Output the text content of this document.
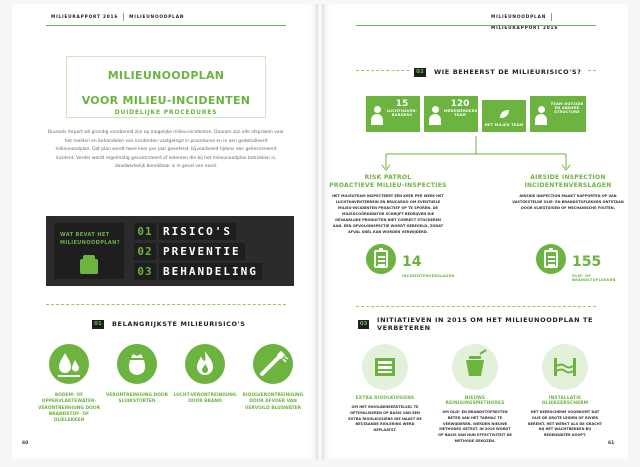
MILIEURAPPORT 2016	MILIEUNOODPLAN
MILIEUNOODPLAN
VOOR MILIEU-INCIDENTEN
DUIDELIJKE PROCEDURES
Brussels Airport wil grondig voorbereid zijn op mogelijke milieu-incidenten. Daarom zijn alle afspraken voor het melden en behandelen van incidenten vastgelegd in procedures en in een gedetailleerd milieunoodplan. Dat plan wordt twee keer per jaar geoefend, bijvoorbeeld tijdens een geënsceneerd incident. Verder wordt regelmatig gecontroleerd of iedereen die bij het milieunoodplan betrokken is, daadwerkelijk bereikbaar is in geval van nood.
WAT BEVAT HET MILIEUNOODPLAN?
01 RISICO'S
02 PREVENTIE
03 BEHANDELING
01	BELANGRIJKSTE MILIEURISICO'S
BODEM- OF OPPERVLAKTEWATER-VERONTREINIGING DOOR BRANDSTOF- OF OLIELEKKEN
VERONTREINIGING DOOR SLUIKSTORTEN
LUCHT-VERONTREINIGING DOOR BRAND
RIOOLVERONTREINIGING DOOR AFVOER VAN VERVUILD BLUSWATER
60
MILIEUNOODPLANMILIEURAPPORT 2016
02	WIE BEHEERST DE MILIEURISICO'S?
15
LUCHTHAVEN-BURGERS
120
MEDEWERKERS TEAM
HET MILIEU TEAM
TEAM OUTSIDE EN ANDERE STRUCTURE
RISK PATROL
PROACTIEVE MILIEU-INSPECTIES
HET MILIEUTEAM INSPECTEERT ÉÉN KEER PER WEEK HET LUCHTHAVENTERREIN EN BRUCARGO OM EVENTUELE MILIEU-INCIDENTEN PROACTIEF OP TE SPOREN. DE MILIEUCOÖRDINATOR SCHRIJFT BEDRIJVEN DIE GEVAARLIJKE PRODUCTEN NIET CORRECT STOCKEREN AAN. EEN OPVOLGINSPECTIE WORDT GEREGELD, ZODAT AFVAL SNEL KAN WORDEN VERWIJDERD.
14
INCIDENTENVERSLAGEN
AIRSIDE INSPECTION
INCIDENTENVERSLAGEN
AIRSIDE INSPECTION MAAKT RAPPORTEN OP VAN VASTGESTELDE OLIE- EN BRANDSTOFLEKKEN ONTSTAAN DOOR VLIEGTUIGEN OF MECHANISCHE FOUTEN.
155
OLIE- OF BRANDSTOFLEKKEN
03 INITIATIEVEN IN 2015 OM HET MILIEUNOODPLAN TE VERBETEREN
EXTRA RIOOLKIVSIENS
OM HET RIOOLBEHEERSTELSEL TE OPTIMALISEREN OP BASIS VAN EEN EXTRA RIOOLKIVSIENS DIE NAAST DE BESTAANDE RIOLERING WERD GEPLAATST.
NIEUWE REINIGINGSMETHODES
OM OLIE- EN BRANDSTOFRESTEN BETER VAN HET TARMAC TE VERWIJDEREN, WERDEN NIEUWE METHODES GETEST. IN 2016 WORDT OP BASIS VAN HUN EFFECTIVITEIT DE METHODE GEKOZEN.
INSTALLATIE OLIEKEERSCHERM
HET KEERSCHERM VOORKOMT DAT OLIE DE GROTE LEIDEN OF RIVIER BEREIKT. HET WERKT ALS DE GRACHT BIJ HET WACHTBEKKEN BIJ REGENWATER KOOPT.
61
